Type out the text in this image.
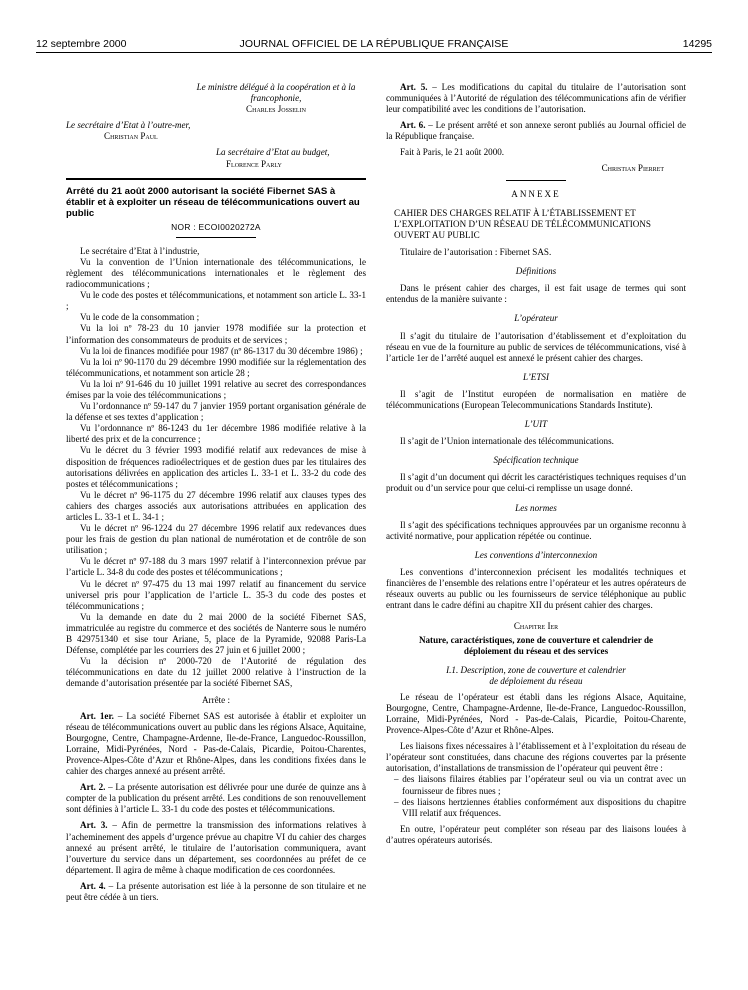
12 septembre 2000	JOURNAL OFFICIEL DE LA RÉPUBLIQUE FRANÇAISE	14295

Le ministre délégué à la coopération et à la francophonie,

Charles Josselin

Le secrétaire d’Etat à l’outre-mer,

Christian Paul

La secrétaire d’Etat au budget,

Florence Parly

Arrêté du 21 août 2000 autorisant la société Fibernet SAS à établir et à exploiter un réseau de télécommunications ouvert au public

NOR : ECOI0020272A

Le secrétaire d’Etat à l’industrie,

Vu la convention de l’Union internationale des télécommunications, le règlement des télécommunications internationales et le règlement des radiocommunications ;

Vu le code des postes et télécommunications, et notamment son article L. 33-1 ;

Vu le code de la consommation ;

Vu la loi nº 78-23 du 10 janvier 1978 modifiée sur la protection et l’information des consommateurs de produits et de services ;

Vu la loi de finances modifiée pour 1987 (nº 86-1317 du 30 décembre 1986) ;

Vu la loi nº 90-1170 du 29 décembre 1990 modifiée sur la réglementation des télécommunications, et notamment son article 28 ;

Vu la loi nº 91-646 du 10 juillet 1991 relative au secret des correspondances émises par la voie des télécommunications ;

Vu l’ordonnance nº 59-147 du 7 janvier 1959 portant organisation générale de la défense et ses textes d’application ;

Vu l’ordonnance nº 86-1243 du 1er décembre 1986 modifiée relative à la liberté des prix et de la concurrence ;

Vu le décret du 3 février 1993 modifié relatif aux redevances de mise à disposition de fréquences radioélectriques et de gestion dues par les titulaires des autorisations délivrées en application des articles L. 33-1 et L. 33-2 du code des postes et télécommunications ;

Vu le décret nº 96-1175 du 27 décembre 1996 relatif aux clauses types des cahiers des charges associés aux autorisations attribuées en application des articles L. 33-1 et L. 34-1 ;

Vu le décret nº 96-1224 du 27 décembre 1996 relatif aux redevances dues pour les frais de gestion du plan national de numérotation et de contrôle de son utilisation ;

Vu le décret nº 97-188 du 3 mars 1997 relatif à l’interconnexion prévue par l’article L. 34-8 du code des postes et télécommunications ;

Vu le décret nº 97-475 du 13 mai 1997 relatif au financement du service universel pris pour l’application de l’article L. 35-3 du code des postes et télécommunications ;

Vu la demande en date du 2 mai 2000 de la société Fibernet SAS, immatriculée au registre du commerce et des sociétés de Nanterre sous le numéro B 429751340 et sise tour Ariane, 5, place de la Pyramide, 92088 Paris-La Défense, complétée par les courriers des 27 juin et 6 juillet 2000 ;

Vu la décision nº 2000-720 de l’Autorité de régulation des télécommunications en date du 12 juillet 2000 relative à l’instruction de la demande d’autorisation présentée par la société Fibernet SAS,

Arrête :

Art. 1er. – La société Fibernet SAS est autorisée à établir et exploiter un réseau de télécommunications ouvert au public dans les régions Alsace, Aquitaine, Bourgogne, Centre, Champagne-Ardenne, Ile-de-France, Languedoc-Roussillon, Lorraine, Midi-Pyrénées, Nord - Pas-de-Calais, Picardie, Poitou-Charentes, Provence-Alpes-Côte d’Azur et Rhône-Alpes, dans les conditions fixées dans le cahier des charges annexé au présent arrêté.

Art. 2. – La présente autorisation est délivrée pour une durée de quinze ans à compter de la publication du présent arrêté. Les conditions de son renouvellement sont définies à l’article L. 33-1 du code des postes et télécommunications.

Art. 3. – Afin de permettre la transmission des informations relatives à l’acheminement des appels d’urgence prévue au chapitre VI du cahier des charges annexé au présent arrêté, le titulaire de l’autorisation communiquera, avant l’ouverture du service dans un département, ses coordonnées au préfet de ce département. Il agira de même à chaque modification de ces coordonnées.

Art. 4. – La présente autorisation est liée à la personne de son titulaire et ne peut être cédée à un tiers.

Art. 5. – Les modifications du capital du titulaire de l’autorisation sont communiquées à l’Autorité de régulation des télécommunications afin de vérifier leur compatibilité avec les conditions de l’autorisation.

Art. 6. – Le présent arrêté et son annexe seront publiés au Journal officiel de la République française.

Fait à Paris, le 21 août 2000.

Christian Pierret

ANNEXE

CAHIER DES CHARGES RELATIF À L’ÉTABLISSEMENT ET L’EXPLOITATION D’UN RÉSEAU DE TÉLÉCOMMUNICATIONS OUVERT AU PUBLIC

Titulaire de l’autorisation : Fibernet SAS.

Définitions

Dans le présent cahier des charges, il est fait usage de termes qui sont entendus de la manière suivante :

L’opérateur

Il s’agit du titulaire de l’autorisation d’établissement et d’exploitation du réseau en vue de la fourniture au public de services de télécommunications, visé à l’article 1er de l’arrêté auquel est annexé le présent cahier des charges.

L’ETSI

Il s’agit de l’Institut européen de normalisation en matière de télécommunications (European Telecommunications Standards Institute).

L’UIT

Il s’agit de l’Union internationale des télécommunications.

Spécification technique

Il s’agit d’un document qui décrit les caractéristiques techniques requises d’un produit ou d’un service pour que celui-ci remplisse un usage donné.

Les normes

Il s’agit des spécifications techniques approuvées par un organisme reconnu à activité normative, pour application répétée ou continue.

Les conventions d’interconnexion

Les conventions d’interconnexion précisent les modalités techniques et financières de l’ensemble des relations entre l’opérateur et les autres opérateurs de réseaux ouverts au public ou les fournisseurs de service téléphonique au public entrant dans le cadre défini au chapitre XII du présent cahier des charges.

Chapitre Ier

Nature, caractéristiques, zone de couverture et calendrier de déploiement du réseau et des services

I.1. Description, zone de couverture et calendrier de déploiement du réseau

Le réseau de l’opérateur est établi dans les régions Alsace, Aquitaine, Bourgogne, Centre, Champagne-Ardenne, Ile-de-France, Languedoc-Roussillon, Lorraine, Midi-Pyrénées, Nord - Pas-de-Calais, Picardie, Poitou-Charente, Provence-Alpes-Côte d’Azur et Rhône-Alpes.

Les liaisons fixes nécessaires à l’établissement et à l’exploitation du réseau de l’opérateur sont constituées, dans chacune des régions couvertes par la présente autorisation, d’installations de transmission de l’opérateur qui peuvent être :

– des liaisons filaires établies par l’opérateur seul ou via un contrat avec un fournisseur de fibres nues ;
– des liaisons hertziennes établies conformément aux dispositions du chapitre VIII relatif aux fréquences.

En outre, l’opérateur peut compléter son réseau par des liaisons louées à d’autres opérateurs autorisés.
